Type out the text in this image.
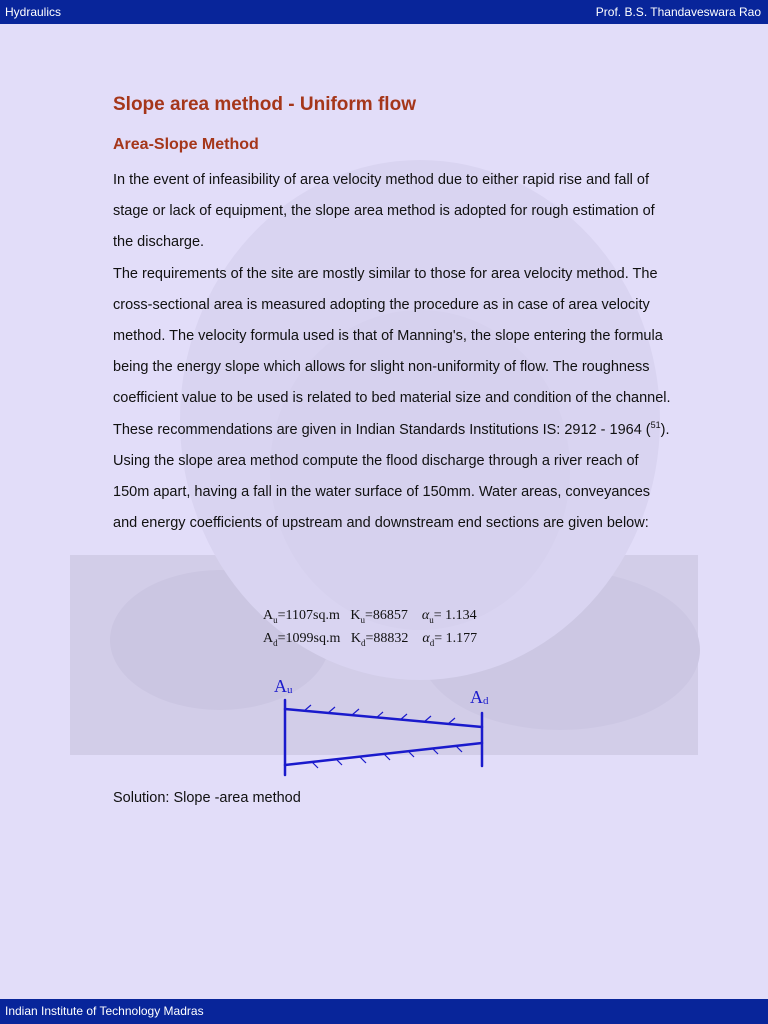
Hydraulics	Prof. B.S. Thandaveswara Rao
Slope area method - Uniform flow
Area-Slope Method

In the event of infeasibility of area velocity method due to either rapid rise and fall of stage or lack of equipment, the slope area method is adopted for rough estimation of the discharge.

The requirements of the site are mostly similar to those for area velocity method. The cross-sectional area is measured adopting the procedure as in case of area velocity method. The velocity formula used is that of Manning's, the slope entering the formula being the energy slope which allows for slight non-uniformity of flow. The roughness coefficient value to be used is related to bed material size and condition of the channel. These recommendations are given in Indian Standards Institutions IS: 2912 - 1964 ($^{51}$).

Using the slope area method compute the flood discharge through a river reach of 150m apart, having a fall in the water surface of 150mm. Water areas, conveyances and energy coefficients of upstream and downstream end sections are given below:

$A_u=1107sq.m$ $K_u=86857$ $\alpha_u= 1.134$
$A_d=1099sq.m$ $K_d=88832$ $\alpha_d= 1.177$
Au	Ad
Solution: Slope -area method
Indian Institute of Technology Madras
